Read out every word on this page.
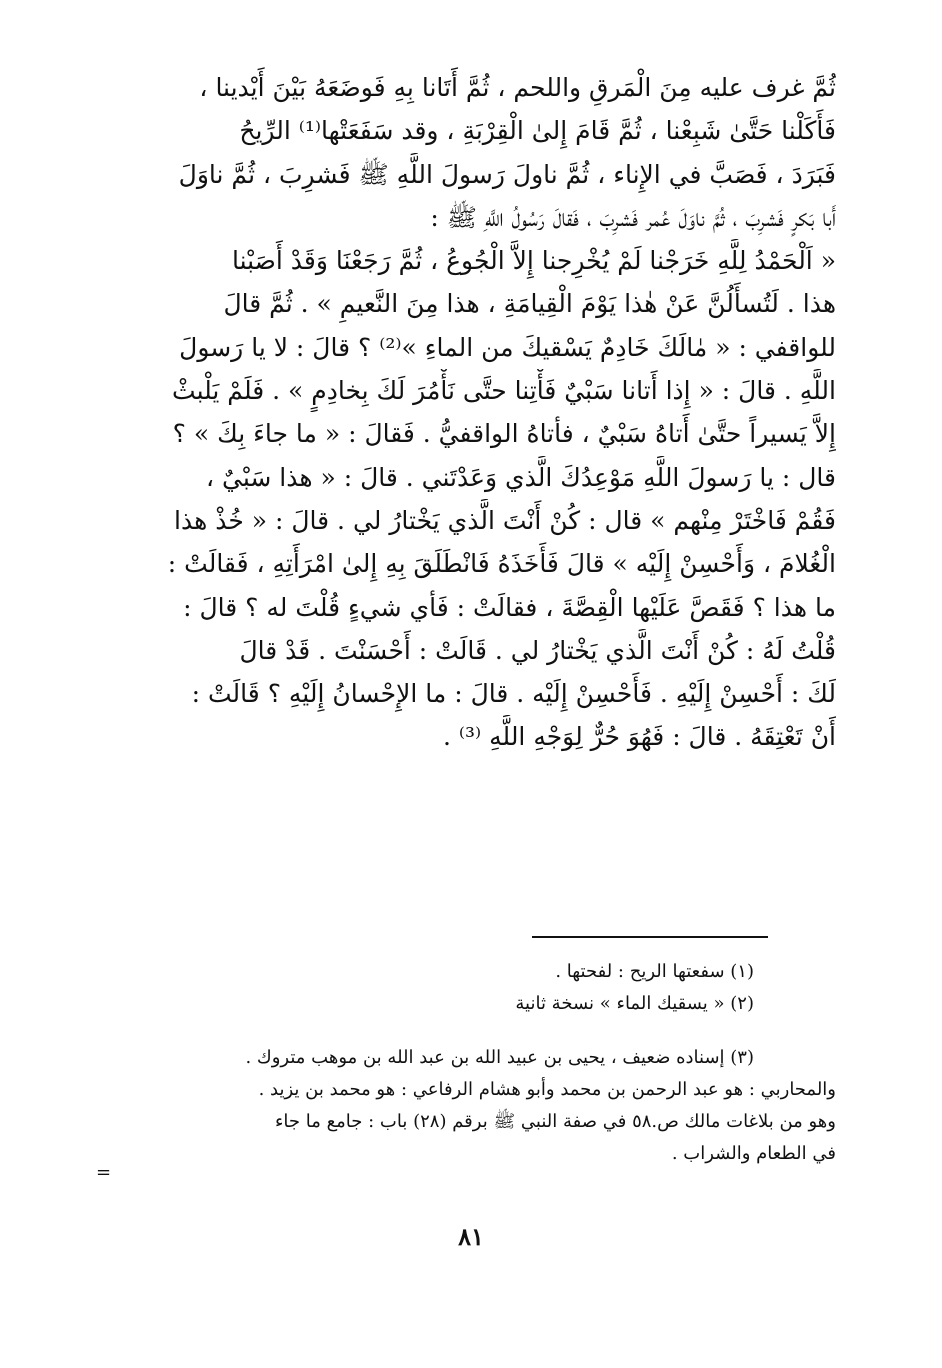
ثُمَّ غرف عليه مِنَ الْمَرقِ واللحم ، ثُمَّ أَتَانا بِهِ فَوضَعَهُ بَيْنَ أَيْدينا ،
فَأَكَلْنا حَتَّىٰ شَبِعْنا ، ثُمَّ قَامَ إِلىٰ الْقِرْبَةِ ، وقد سَفَعَتْها⁽¹⁾ الرِّيحُ
فَبَرَدَ ، فَصَبَّ في الإِناء ، ثُمَّ ناولَ رَسولَ اللَّهِ ﷺ فَشرِبَ ، ثُمَّ ناوَلَ
أَبا بَكرٍ فَشرِبَ ، ثُمَّ ناوَلَ عُمر فَشرِبَ ، فَقالَ رَسُولُ اللَّهِ ﷺ :
« اَلْحَمْدُ لِلَّهِ خَرَجْنا لَمْ يُخْرِجنا إِلاَّ الْجُوعُ ، ثُمَّ رَجَعْنَا وَقَدْ أَصَبْنا
هذا . لَتُسأَلُنَّ عَنْ هٰذا يَوْمَ الْقِيامَةِ ، هذا مِنَ النَّعيمِ » . ثُمَّ قالَ
للواقفي : « مٰالَكَ خَادِمٌ يَسْقيكَ من الماءِ »⁽²⁾ ؟ قالَ : لا يا رَسولَ
اللَّهِ . قالَ : « إِذا أَتانا سَبْيٌ فَأْتِنا حتَّى نَأْمُرَ لَكَ بِخادِمٍ » . فَلَمْ يَلْبثْ
إِلاَّ يَسيراً حتَّىٰ أَتاهُ سَبْيٌ ، فأتاهُ الواقفيُّ . فَقالَ : « ما جاءَ بِكَ » ؟
قال : يا رَسولَ اللَّهِ مَوْعِدُكَ الَّذي وَعَدْتَني . قالَ : « هذا سَبْيٌ ،
فَقُمْ فَاخْتَرْ مِنْهم » قال : كُنْ أَنْتَ الَّذي يَخْتارُ لي . قالَ : « خُذْ هذا
الْغُلامَ ، وَأَحْسِنْ إِلَيْه » قالَ فَأَخَذَهُ فَانْطَلَقَ بِهِ إِلىٰ امْرَأَتِهِ ، فَقالَتْ :
ما هذا ؟ فَقَصَّ عَلَيْها الْقِصَّةَ ، فقالَتْ : فَأي شيءٍ قُلْتَ له ؟ قالَ :
قُلْتُ لَهُ : كُنْ أَنْتَ الَّذي يَخْتارُ لي . قَالَتْ : أَحْسَنْتَ . قَدْ قالَ
لَكَ : أَحْسِنْ إِلَيْهِ . فَأَحْسِنْ إِلَيْه . قالَ : ما الإِحْسانُ إِلَيْهِ ؟ قَالَتْ :
أَنْ تَعْتِقَهُ . قالَ : فَهُوَ حُرٌّ لِوَجْهِ اللَّهِ ⁽³⁾ .
(١) سفعتها الريح : لفحتها .
(٢) « يسقيك الماء » نسخة ثانية
(٣) إسناده ضعيف ، يحيى بن عبيد الله بن عبد الله بن موهب متروك .
والمحاربي : هو عبد الرحمن بن محمد وأبو هشام الرفاعي : هو محمد بن يزيد .
وهو من بلاغات مالك ص.٥٨ في صفة النبي ﷺ برقم (٢٨) باب : جامع ما جاء
في الطعام والشراب .
=
٨١
